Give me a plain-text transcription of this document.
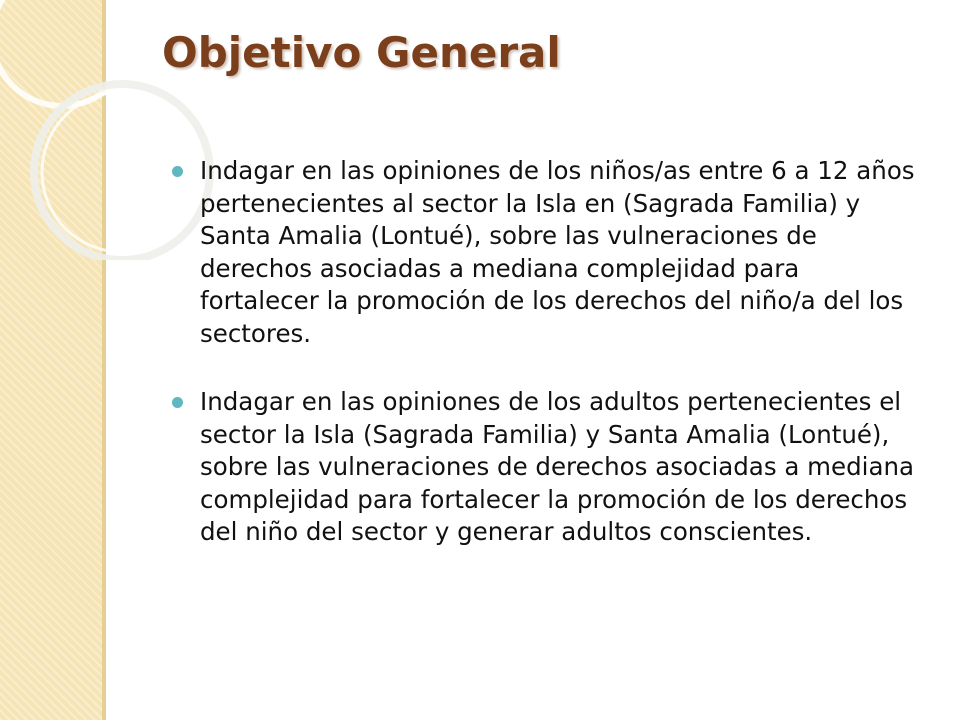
Objetivo General
Indagar en las opiniones de los niños/as entre 6 a 12 años pertenecientes al sector la Isla en (Sagrada Familia) y Santa Amalia (Lontué), sobre las vulneraciones de derechos asociadas a mediana complejidad para fortalecer la promoción de los derechos del niño/a del los sectores.
Indagar en las opiniones de los adultos pertenecientes el sector la Isla (Sagrada Familia) y Santa Amalia (Lontué), sobre las vulneraciones de derechos asociadas a mediana complejidad para fortalecer la promoción de los derechos del niño del sector y generar adultos conscientes.
